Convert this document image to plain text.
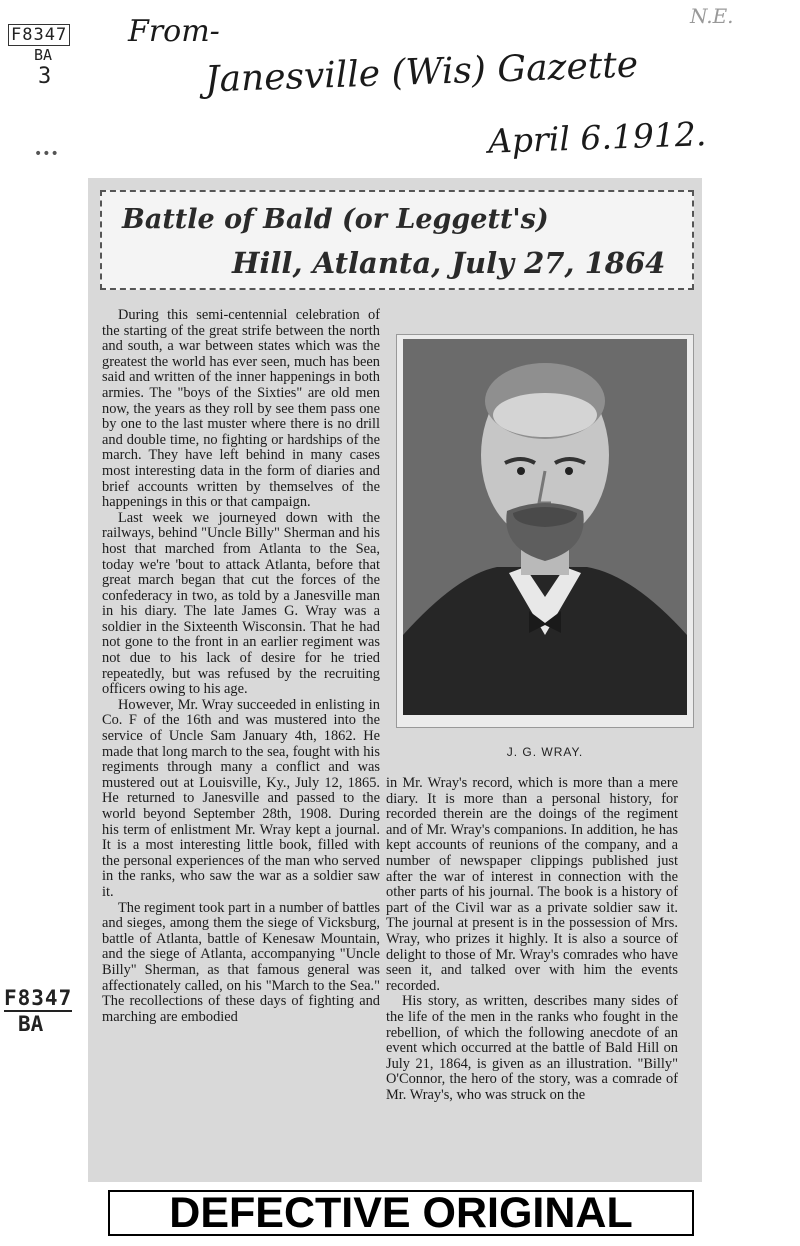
From-
Janesville (Wis) Gazette
April 6.1912.
N.E.
F8347
BA
3
•••
F8347
BA
Battle of Bald (or Leggett's)
Hill, Atlanta, July 27, 1864

During this semi-centennial celebration of the starting of the great strife between the north and south, a war between states which was the greatest the world has ever seen, much has been said and written of the inner happenings in both armies. The "boys of the Sixties" are old men now, the years as they roll by see them pass one by one to the last muster where there is no drill and double time, no fighting or hardships of the march. They have left behind in many cases most interesting data in the form of diaries and brief accounts written by themselves of the happenings in this or that campaign.

Last week we journeyed down with the railways, behind "Uncle Billy" Sherman and his host that marched from Atlanta to the Sea, today we're 'bout to attack Atlanta, before that great march began that cut the forces of the confederacy in two, as told by a Janesville man in his diary. The late James G. Wray was a soldier in the Sixteenth Wisconsin. That he had not gone to the front in an earlier regiment was not due to his lack of desire for he tried repeatedly, but was refused by the recruiting officers owing to his age.

However, Mr. Wray succeeded in enlisting in Co. F of the 16th and was mustered into the service of Uncle Sam January 4th, 1862. He made that long march to the sea, fought with his regiments through many a conflict and was mustered out at Louisville, Ky., July 12, 1865. He returned to Janesville and passed to the world beyond September 28th, 1908. During his term of enlistment Mr. Wray kept a journal. It is a most interesting little book, filled with the personal experiences of the man who served in the ranks, who saw the war as a soldier saw it.

The regiment took part in a number of battles and sieges, among them the siege of Vicksburg, battle of Atlanta, battle of Kenesaw Mountain, and the siege of Atlanta, accompanying "Uncle Billy" Sherman, as that famous general was affectionately called, on his "March to the Sea." The recollections of these days of fighting and marching are embodied

J. G. WRAY.

in Mr. Wray's record, which is more than a mere diary. It is more than a personal history, for recorded therein are the doings of the regiment and of Mr. Wray's companions. In addition, he has kept accounts of reunions of the company, and a number of newspaper clippings published just after the war of interest in connection with the other parts of his journal. The book is a history of part of the Civil war as a private soldier saw it. The journal at present is in the possession of Mrs. Wray, who prizes it highly. It is also a source of delight to those of Mr. Wray's comrades who have seen it, and talked over with him the events recorded.

His story, as written, describes many sides of the life of the men in the ranks who fought in the rebellion, of which the following anecdote of an event which occurred at the battle of Bald Hill on July 21, 1864, is given as an illustration. "Billy" O'Connor, the hero of the story, was a comrade of Mr. Wray's, who was struck on the

DEFECTIVE ORIGINAL
